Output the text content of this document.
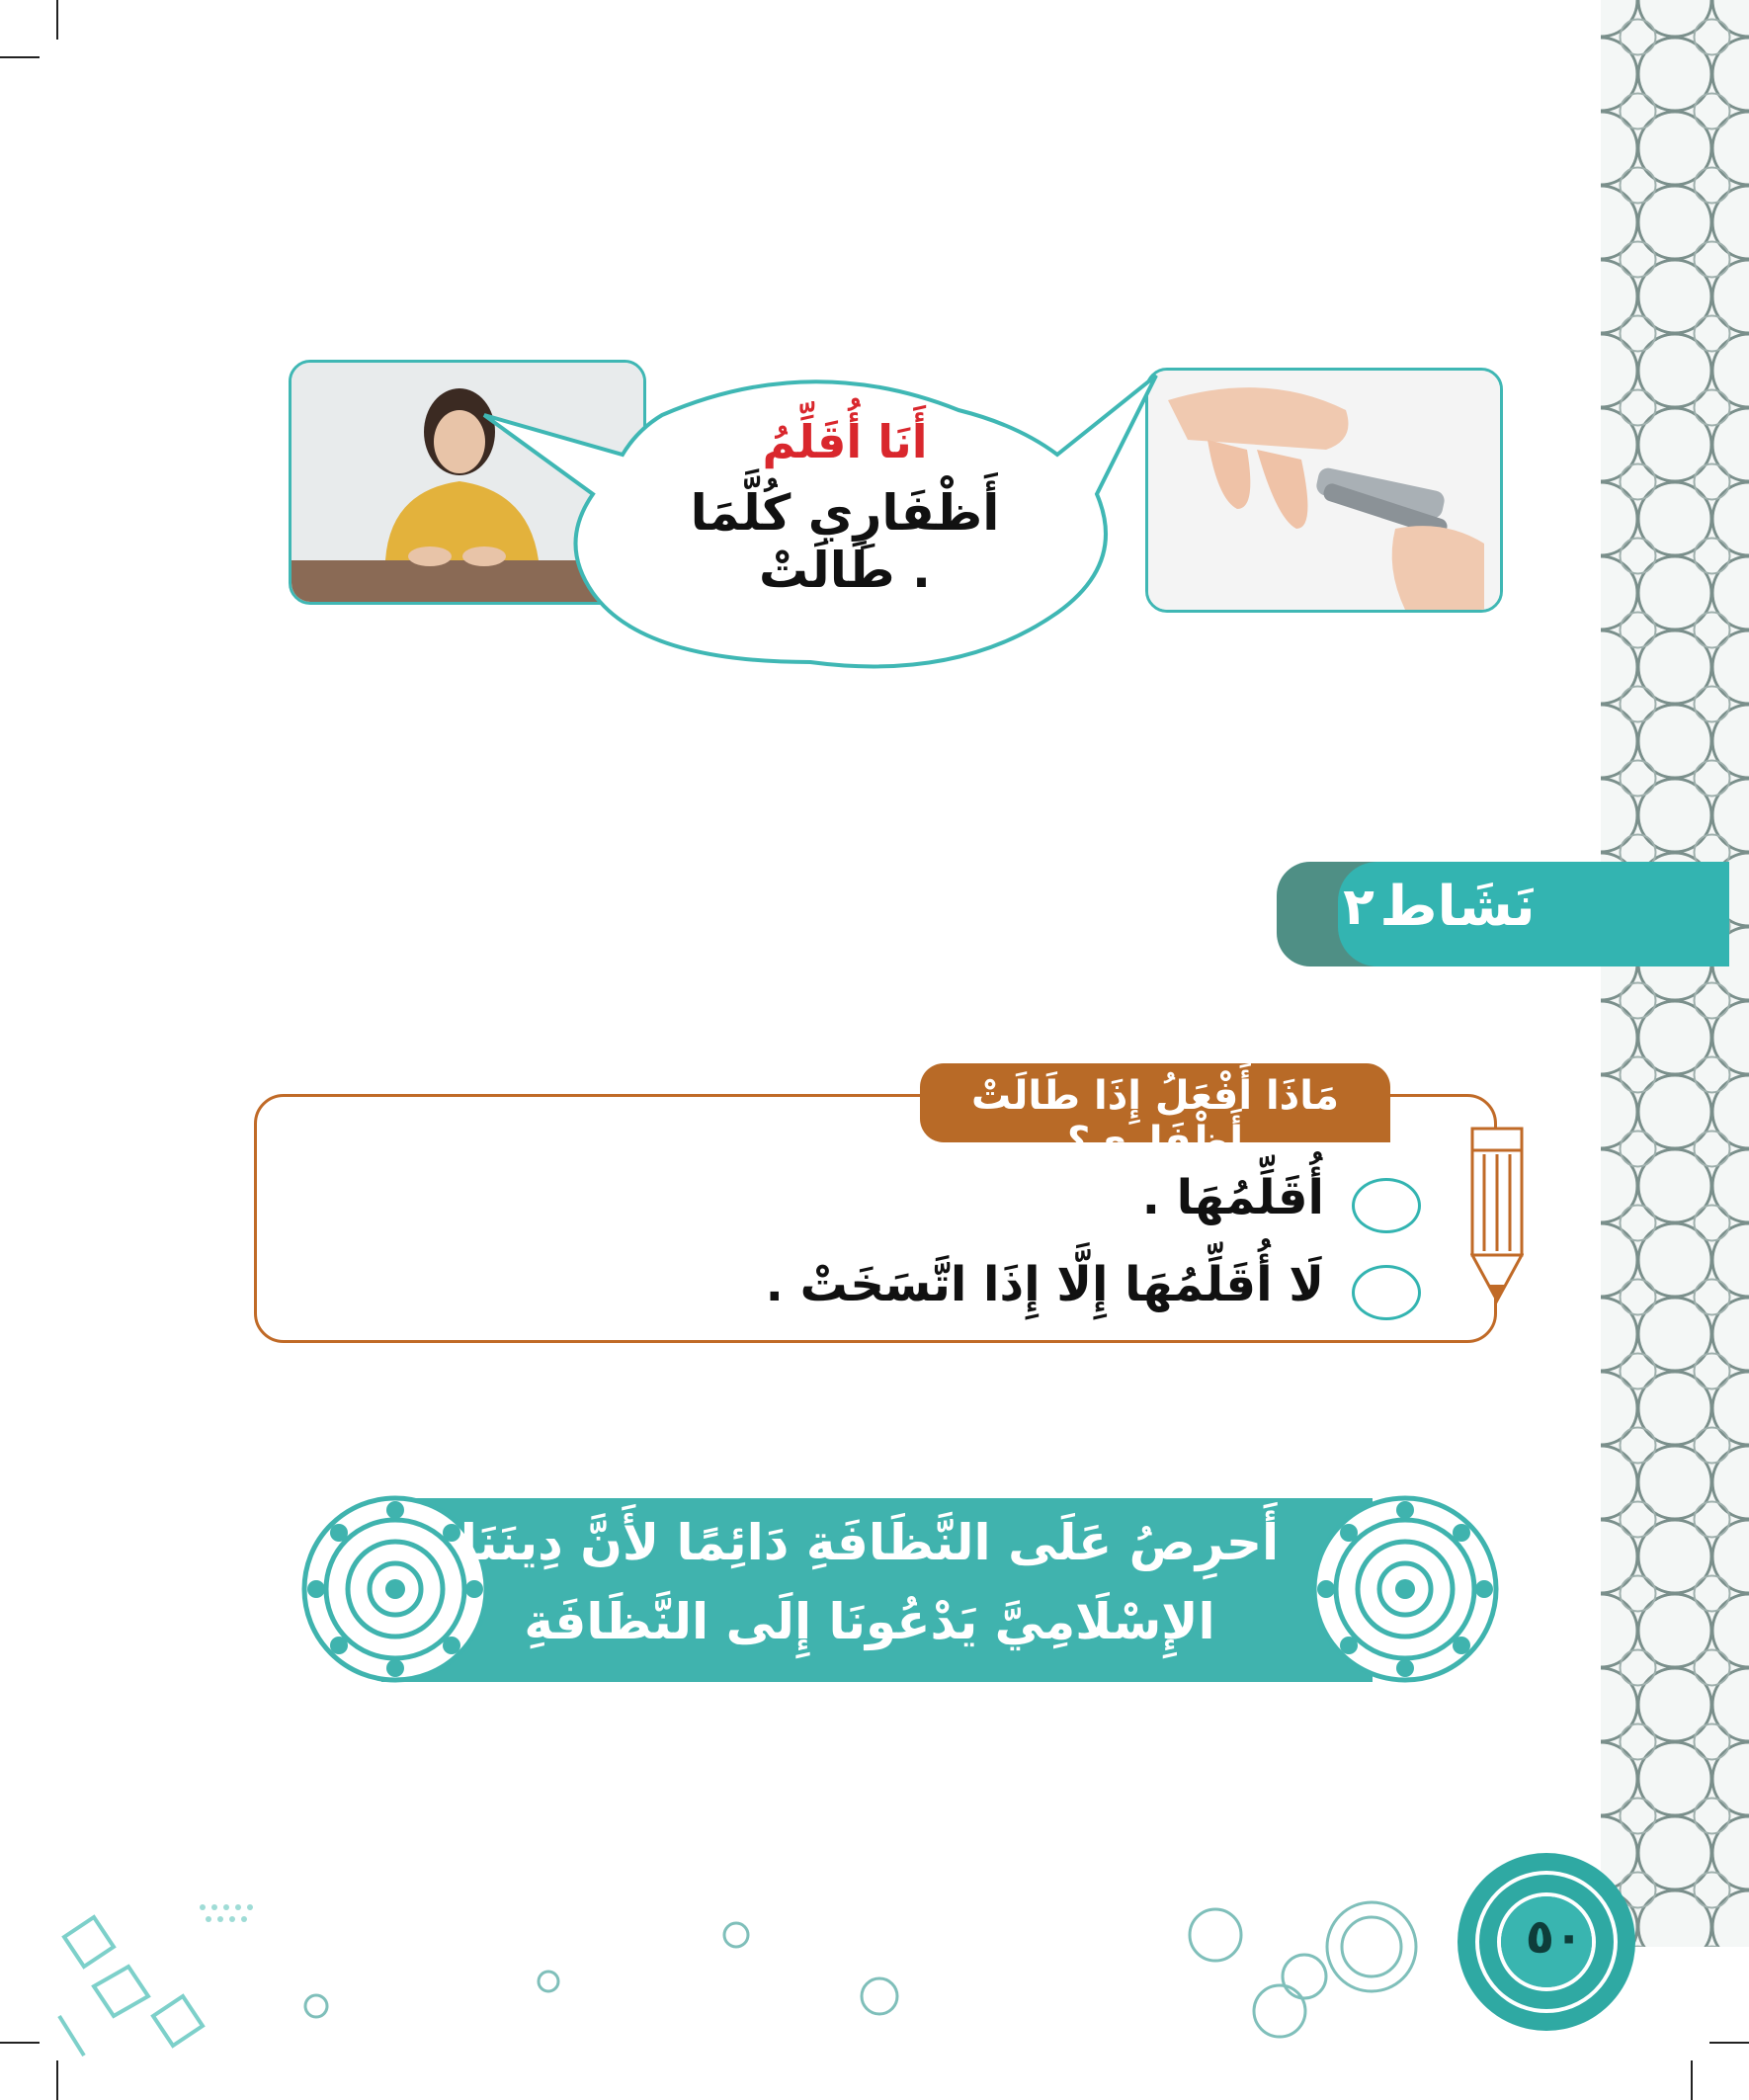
أَنَا أُقَلِّمُ
أَظْفَارِي كُلَّمَا طَالَتْ .
نَشَاط
٢
مَاذَا أَفْعَلُ إِذَا طَالَتْ أَظْفَارِي؟
أُقَلِّمُهَا .
لَا أُقَلِّمُهَا إِلَّا إِذَا اتَّسَخَتْ .
أَحرِصُ عَلَى النَّظَافَةِ دَائِمًا لأَنَّ دِينَنَا
الإِسْلَامِيَّ يَدْعُونَا إِلَى النَّظَافَةِ
٥٠
